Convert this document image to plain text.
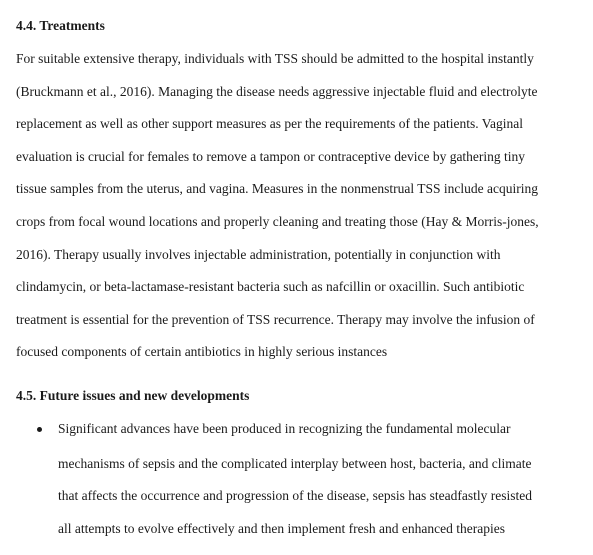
4.4. Treatments
For suitable extensive therapy, individuals with TSS should be admitted to the hospital instantly
(Bruckmann et al., 2016). Managing the disease needs aggressive injectable fluid and electrolyte
replacement as well as other support measures as per the requirements of the patients. Vaginal
evaluation is crucial for females to remove a tampon or contraceptive device by gathering tiny
tissue samples from the uterus, and vagina. Measures in the nonmenstrual TSS include acquiring
crops from focal wound locations and properly cleaning and treating those (Hay & Morris-jones,
2016). Therapy usually involves injectable administration, potentially in conjunction with
clindamycin, or beta-lactamase-resistant bacteria such as nafcillin or oxacillin. Such antibiotic
treatment is essential for the prevention of TSS recurrence. Therapy may involve the infusion of
focused components of certain antibiotics in highly serious instances
4.5. Future issues and new developments
Significant advances have been produced in recognizing the fundamental molecular
mechanisms of sepsis and the complicated interplay between host, bacteria, and climate
that affects the occurrence and progression of the disease, sepsis has steadfastly resisted
all attempts to evolve effectively and then implement fresh and enhanced therapies
